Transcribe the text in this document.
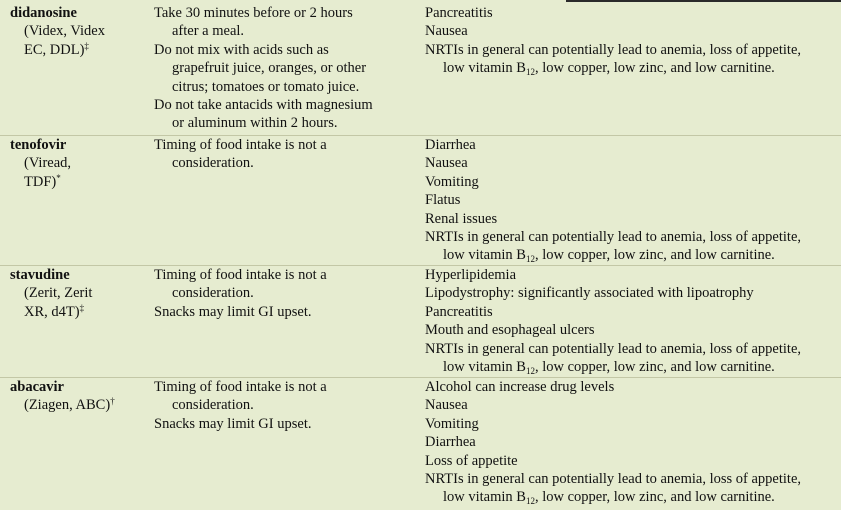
didanosine
(Videx, Videx
EC, DDL)‡
Take 30 minutes before or 2 hours
after a meal.
Do not mix with acids such as
grapefruit juice, oranges, or other
citrus; tomatoes or tomato juice.
Do not take antacids with magnesium
or aluminum within 2 hours.
Pancreatitis
Nausea
NRTIs in general can potentially lead to anemia, loss of appetite,
low vitamin $B_{12}$, low copper, low zinc, and low carnitine.
tenofovir
(Viread,
TDF)*
Timing of food intake is not a
consideration.
Diarrhea
Nausea
Vomiting
Flatus
Renal issues
NRTIs in general can potentially lead to anemia, loss of appetite,
low vitamin $B_{12}$, low copper, low zinc, and low carnitine.
stavudine
(Zerit, Zerit
XR, d4T)‡
Timing of food intake is not a
consideration.
Snacks may limit GI upset.
Hyperlipidemia
Lipodystrophy: significantly associated with lipoatrophy
Pancreatitis
Mouth and esophageal ulcers
NRTIs in general can potentially lead to anemia, loss of appetite,
low vitamin $B_{12}$, low copper, low zinc, and low carnitine.
abacavir
(Ziagen, ABC)†
Timing of food intake is not a
consideration.
Snacks may limit GI upset.
Alcohol can increase drug levels
Nausea
Vomiting
Diarrhea
Loss of appetite
NRTIs in general can potentially lead to anemia, loss of appetite,
low vitamin $B_{12}$, low copper, low zinc, and low carnitine.
